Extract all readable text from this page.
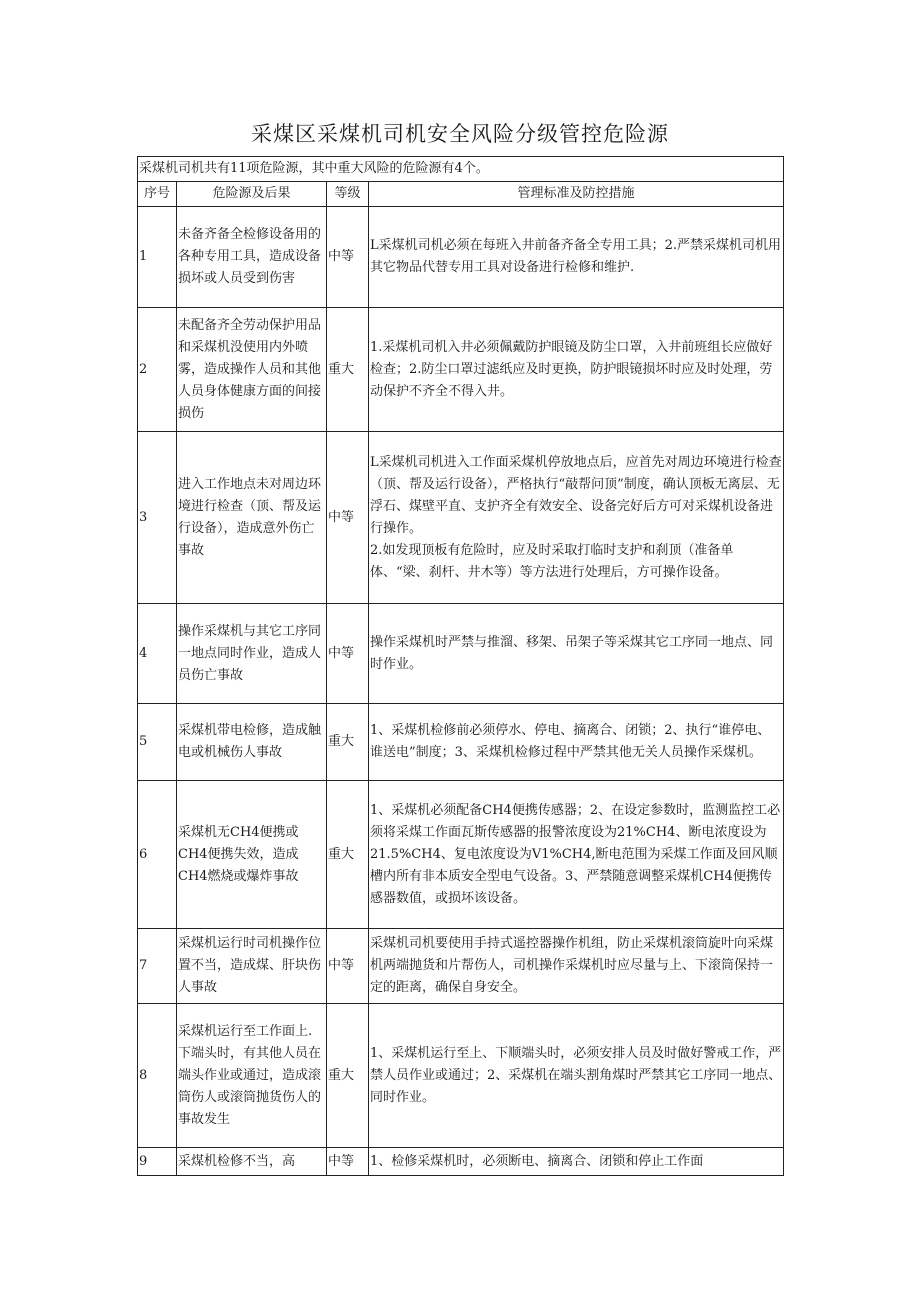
采煤区采煤机司机安全风险分级管控危险源
采煤机司机共有11项危险源，其中重大风险的危险源有4个。			
序号	危险源及后果	等级	管理标准及防控措施
1	未备齐备全检修设备用的各种专用工具，造成设备损坏或人员受到伤害	中等	L采煤机司机必须在每班入井前备齐备全专用工具；2.严禁采煤机司机用其它物品代替专用工具对设备进行检修和维护.
2	未配备齐全劳动保护用品和采煤机没使用内外喷雾，造成操作人员和其他人员身体健康方面的间接损伤	重大	1.采煤机司机入井必须佩戴防护眼镜及防尘口罩，入井前班组长应做好检查；2.防尘口罩过滤纸应及时更换，防护眼镜损坏时应及时处理，劳动保护不齐全不得入井。
3	进入工作地点未对周边环境进行检查（顶、帮及运行设备），造成意外伤亡事故	中等	L采煤机司机进入工作面采煤机停放地点后，应首先对周边环境进行检查（顶、帮及运行设备），严格执行“敲帮问顶”制度，确认顶板无离层、无浮石、煤壁平直、支护齐全有效安全、设备完好后方可对采煤机设备进行操作。
2.如发现顶板有危险时，应及时采取打临时支护和刹顶（准备单体、“梁、刹杆、井木等）等方法进行处理后，方可操作设备。
4	操作采煤机与其它工序同一地点同时作业，造成人员伤亡事故	中等	操作采煤机时严禁与推溜、移架、吊架子等采煤其它工序同一地点、同时作业。
5	采煤机带电检修，造成触电或机械伤人事故	重大	1、采煤机检修前必须停水、停电、摘离合、闭锁；2、执行“谁停电、谁送电”制度；3、采煤机检修过程中严禁其他无关人员操作采煤机。
6	采煤机无CH4便携或CH4便携失效，造成CH4燃烧或爆炸事故	重大	1、采煤机必须配备CH4便携传感器；2、在设定参数时，监测监控工必须将采煤工作面瓦斯传感器的报警浓度设为21%CH4、断电浓度设为21.5%CH4、复电浓度设为V1%CH4,断电范围为采煤工作面及回风顺槽内所有非本质安全型电气设备。3、严禁随意调整采煤机CH4便携传感器数值，或损坏该设备。
7	采煤机运行时司机操作位置不当，造成煤、肝块伤人事故	中等	采煤机司机要使用手持式遥控器操作机组，防止采煤机滚筒旋叶向采煤机两端抛货和片帮伤人，司机操作采煤机时应尽量与上、下滚筒保持一定的距离，确保自身安全。
8	采煤机运行至工作面上.下端头时，有其他人员在端头作业或通过，造成滚筒伤人或滚筒抛货伤人的事故发生	重大	1、采煤机运行至上、下顺端头时，必须安排人员及时做好警戒工作，严禁人员作业或通过；2、采煤机在端头割角煤时严禁其它工序同一地点、同时作业。
9	采煤机检修不当，高	中等	1、检修采煤机时，必须断电、摘离合、闭锁和停止工作面
